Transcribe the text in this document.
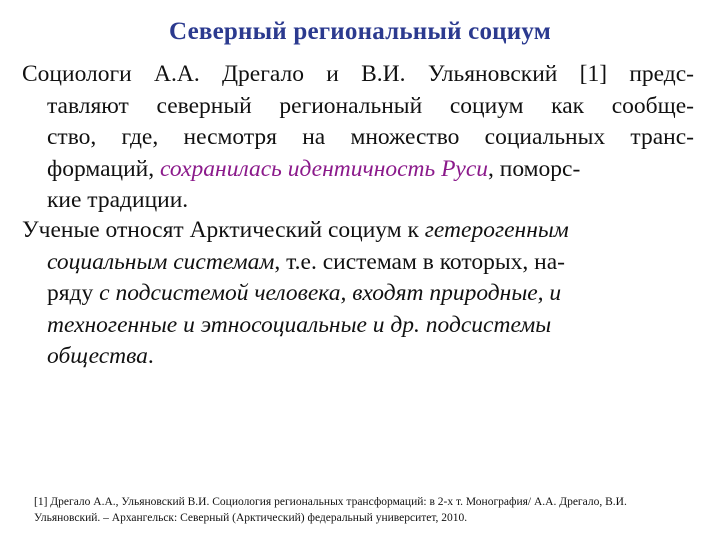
Северный региональный социум
Социологи А.А. Дрегало и В.И. Ульяновский [1] предс-
тавляют северный региональный социум как сообще-
ство, где, несмотря на множество социальных транс-
формаций, сохранилась идентичность Руси, поморс-
кие традиции.
Ученые относят Арктический социум к гетерогенным
социальным системам, т.е. системам в которых, на-
ряду с подсистемой человека, входят природные, и
техногенные и этносоциальные и др. подсистемы
общества.
[1] Дрегало А.А., Ульяновский В.И. Социология региональных трансформаций: в 2-х т. Монография/ А.А. Дрегало, В.И.
Ульяновский. – Архангельск: Северный (Арктический) федеральный университет, 2010.
